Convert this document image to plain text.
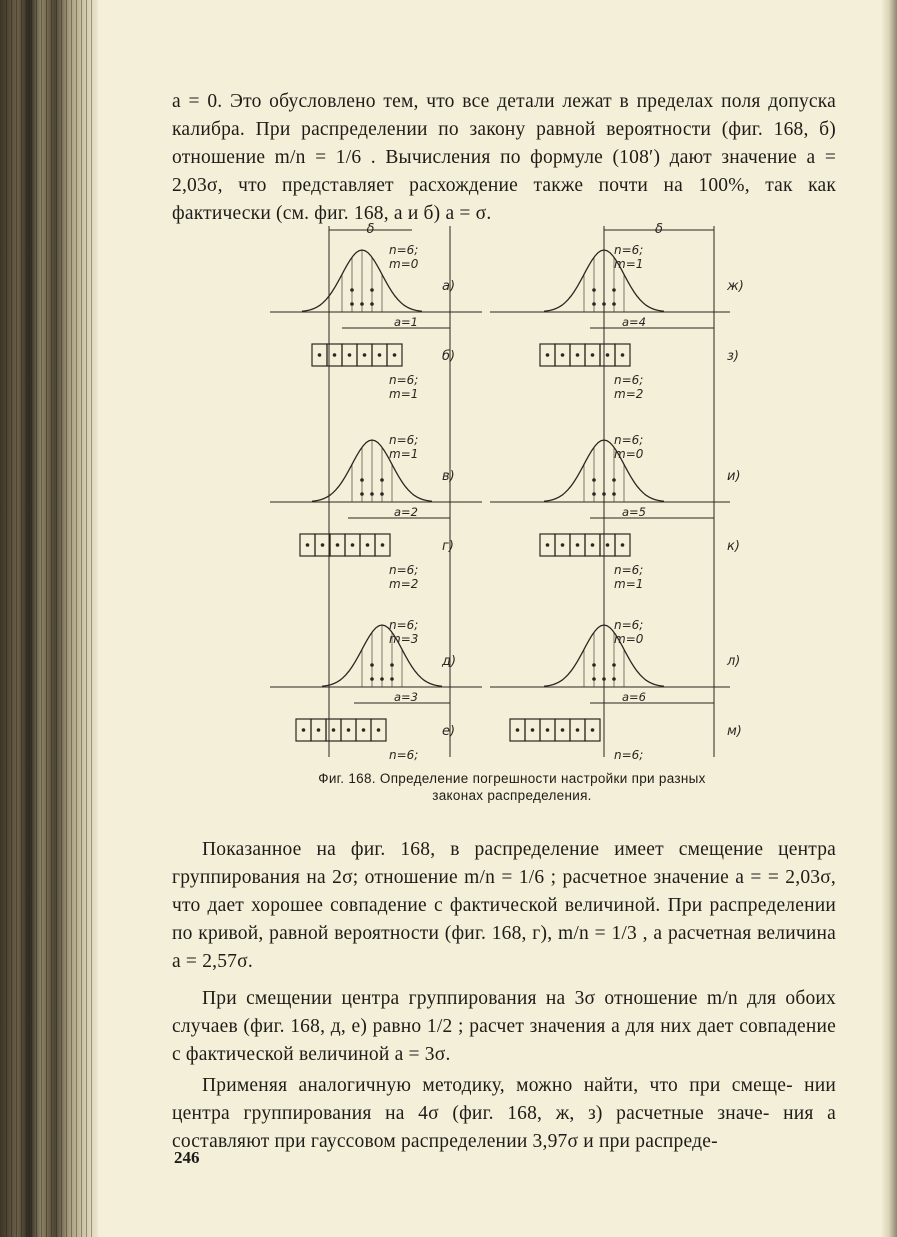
a = 0. Это обусловлено тем, что все детали лежат в пределах поля допуска калибра. При распределении по закону равной вероятности (фиг. 168, б) отношение m/n = 1/6 . Вычисления по формуле (108′) дают значение a = 2,03σ, что представляет расхождение также почти на 100%, так как фактически (см. фиг. 168, a и б) a = σ.

δ	δ
n=6;
m=0
а)
a=1
б)
n=6;
m=1
n=6;
m=1
в)
a=2
г)
n=6;
m=2
n=6;
m=3
д)
a=3
е)
n=6;
n=6;
m=1
ж)
a=4
з)
n=6;
m=2
n=6;
m=0
и)
a=5
к)
n=6;
m=1
n=6;
m=0
л)
a=6
м)
n=6;
Фиг. 168. Определение погрешности настройки при разных
законах распределения.

Показанное на фиг. 168, в распределение имеет смещение центра группирования на 2σ; отношение m/n = 1/6 ; расчетное значение a = = 2,03σ, что дает хорошее совпадение с фактической величиной. При распределении по кривой, равной вероятности (фиг. 168, г), m/n = 1/3 , а расчетная величина a = 2,57σ.

При смещении центра группирования на 3σ отношение m/n для обоих случаев (фиг. 168, д, е) равно 1/2 ; расчет значения a для них дает совпадение с фактической величиной a = 3σ.

Применяя аналогичную методику, можно найти, что при смеще- нии центра группирования на 4σ (фиг. 168, ж, з) расчетные значе- ния a составляют при гауссовом распределении 3,97σ и при распреде-

246
